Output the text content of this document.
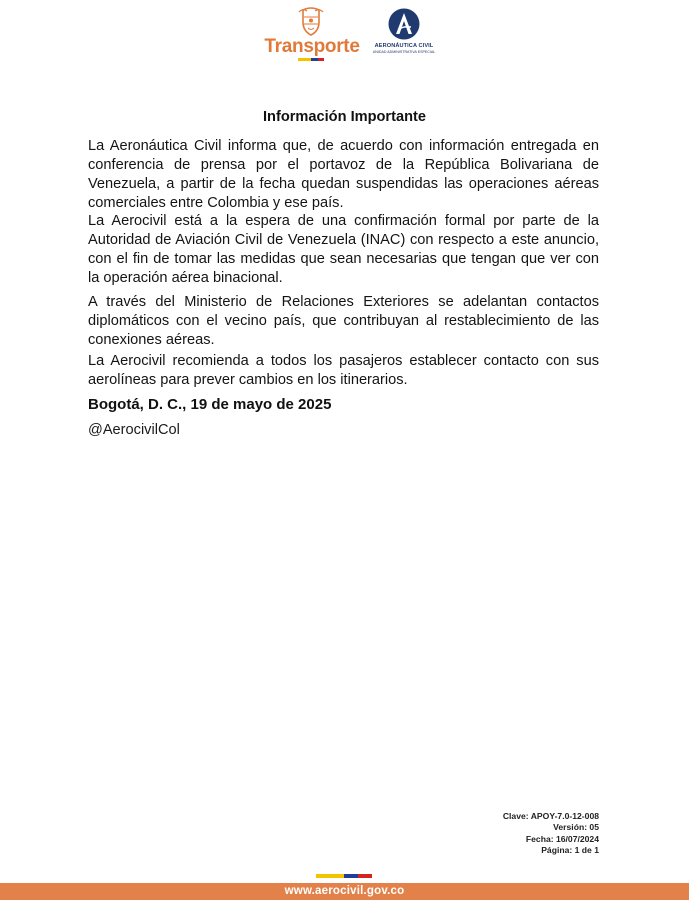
Transporte	AERONÁUTICA CIVIL
UNIDAD ADMINISTRATIVA ESPECIAL
Información Importante

La Aeronáutica Civil informa que, de acuerdo con información entregada en conferencia de prensa por el portavoz de la República Bolivariana de Venezuela, a partir de la fecha quedan suspendidas las operaciones aéreas comerciales entre Colombia y ese país.

La Aerocivil está a la espera de una confirmación formal por parte de la Autoridad de Aviación Civil de Venezuela (INAC) con respecto a este anuncio, con el fin de tomar las medidas que sean necesarias que tengan que ver con la operación aérea binacional.

A través del Ministerio de Relaciones Exteriores se adelantan contactos diplomáticos con el vecino país, que contribuyan al restablecimiento de las conexiones aéreas.

La Aerocivil recomienda a todos los pasajeros establecer contacto con sus aerolíneas para prever cambios en los itinerarios.

Bogotá, D. C., 19 de mayo de 2025
@AerocivilCol
Clave: APOY-7.0-12-008
Versión: 05
Fecha: 16/07/2024
Página: 1 de 1
www.aerocivil.gov.co
